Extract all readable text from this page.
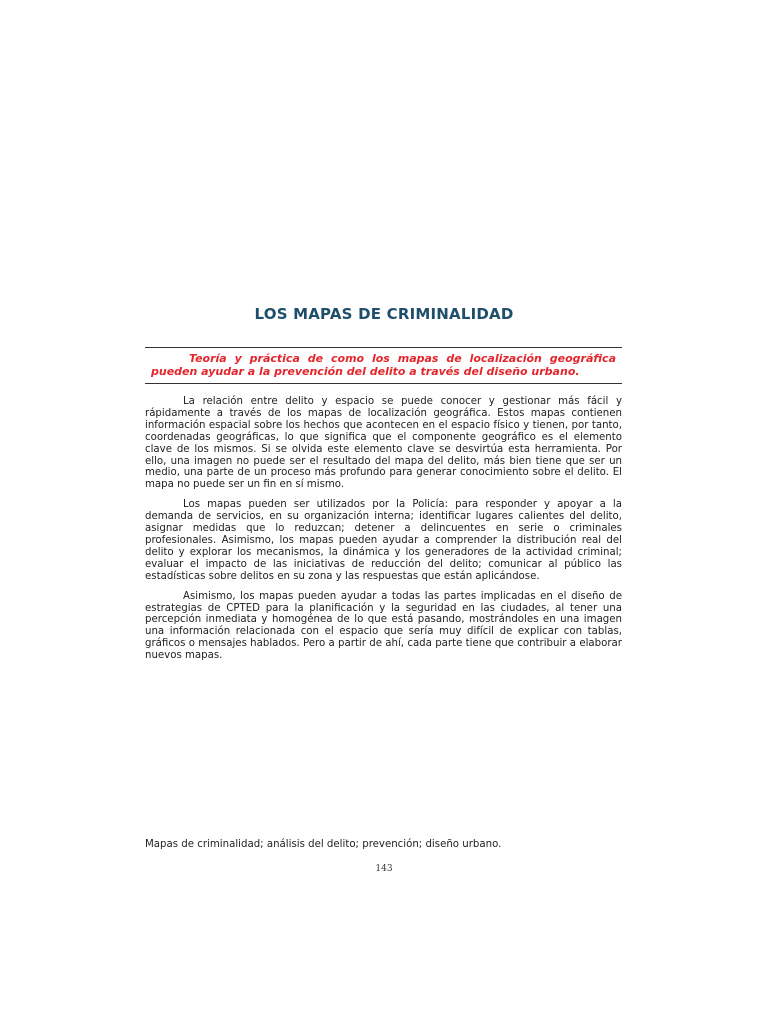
LOS MAPAS DE CRIMINALIDAD

Teoría y práctica de como los mapas de localización geográfica pueden ayudar a la prevención del delito a través del diseño urbano.

La relación entre delito y espacio se puede conocer y gestionar más fácil y rápidamente a través de los mapas de localización geográfica. Estos mapas contienen información espacial sobre los hechos que acontecen en el espacio físico y tienen, por tanto, coordenadas geográficas, lo que significa que el componente geográfico es el elemento clave de los mismos. Si se olvida este elemento clave se desvirtúa esta herramienta. Por ello, una imagen no puede ser el resultado del mapa del delito, más bien tiene que ser un medio, una parte de un proceso más profundo para generar conocimiento sobre el delito. El mapa no puede ser un fin en sí mismo.

Los mapas pueden ser utilizados por la Policía: para responder y apoyar a la demanda de servicios, en su organización interna; identificar lugares calientes del delito, asignar medidas que lo reduzcan; detener a delincuentes en serie o criminales profesionales. Asimismo, los mapas pueden ayudar a comprender la distribución real del delito y explorar los mecanismos, la dinámica y los generadores de la actividad criminal; evaluar el impacto de las iniciativas de reducción del delito; comunicar al público las estadísticas sobre delitos en su zona y las respuestas que están aplicándose.

Asimismo, los mapas pueden ayudar a todas las partes implicadas en el diseño de estrategias de CPTED para la planificación y la seguridad en las ciudades, al tener una percepción inmediata y homogénea de lo que está pasando, mostrándoles en una imagen una información relacionada con el espacio que sería muy difícil de explicar con tablas, gráficos o mensajes hablados. Pero a partir de ahí, cada parte tiene que contribuir a elaborar nuevos mapas.

Mapas de criminalidad; análisis del delito; prevención; diseño urbano.

143
